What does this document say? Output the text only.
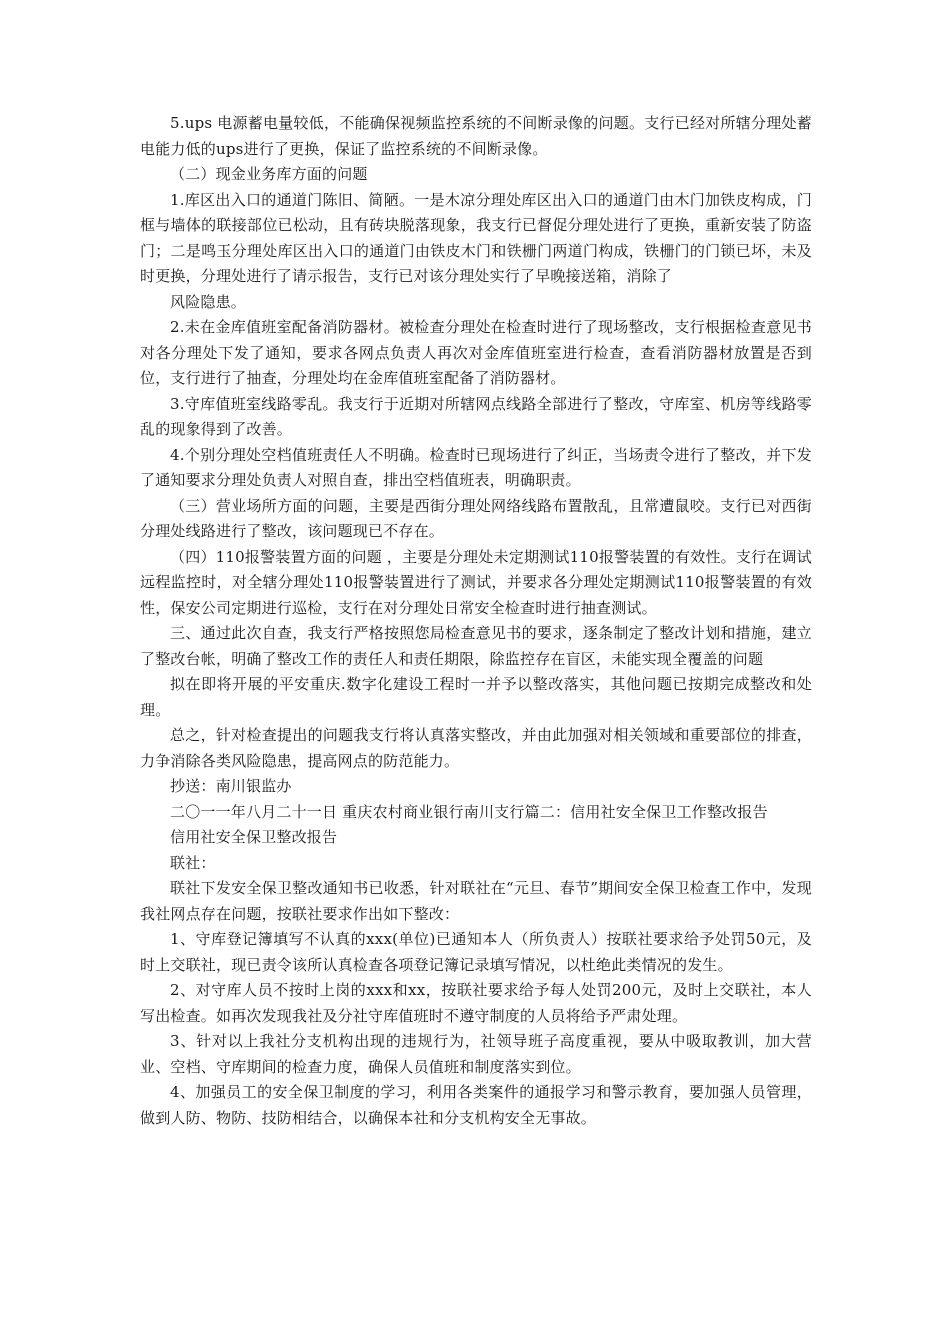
5.ups 电源蓄电量较低，不能确保视频监控系统的不间断录像的问题。支行已经对所辖分理处蓄电能力低的ups进行了更换，保证了监控系统的不间断录像。

（二）现金业务库方面的问题

1.库区出入口的通道门陈旧、简陋。一是木凉分理处库区出入口的通道门由木门加铁皮构成，门框与墙体的联接部位已松动，且有砖块脱落现象，我支行已督促分理处进行了更换，重新安装了防盗门；二是鸣玉分理处库区出入口的通道门由铁皮木门和铁栅门两道门构成，铁栅门的门锁已坏，未及时更换，分理处进行了请示报告，支行已对该分理处实行了早晚接送箱，消除了

风险隐患。

2.未在金库值班室配备消防器材。被检查分理处在检查时进行了现场整改，支行根据检查意见书对各分理处下发了通知，要求各网点负责人再次对金库值班室进行检查，查看消防器材放置是否到位，支行进行了抽查，分理处均在金库值班室配备了消防器材。

3.守库值班室线路零乱。我支行于近期对所辖网点线路全部进行了整改，守库室、机房等线路零乱的现象得到了改善。

4.个别分理处空档值班责任人不明确。检查时已现场进行了纠正，当场责令进行了整改，并下发了通知要求分理处负责人对照自查，排出空档值班表，明确职责。

（三）营业场所方面的问题，主要是西街分理处网络线路布置散乱，且常遭鼠咬。支行已对西街分理处线路进行了整改，该问题现已不存在。

（四）110报警装置方面的问题 ，主要是分理处未定期测试110报警装置的有效性。支行在调试远程监控时，对全辖分理处110报警装置进行了测试，并要求各分理处定期测试110报警装置的有效性，保安公司定期进行巡检，支行在对分理处日常安全检查时进行抽查测试。

三、通过此次自查，我支行严格按照您局检查意见书的要求，逐条制定了整改计划和措施，建立了整改台帐，明确了整改工作的责任人和责任期限，除监控存在盲区，未能实现全覆盖的问题

拟在即将开展的平安重庆.数字化建设工程时一并予以整改落实，其他问题已按期完成整改和处理。

总之，针对检查提出的问题我支行将认真落实整改，并由此加强对相关领域和重要部位的排查，力争消除各类风险隐患，提高网点的防范能力。

抄送：南川银监办

二〇一一年八月二十一日 重庆农村商业银行南川支行篇二：信用社安全保卫工作整改报告

信用社安全保卫整改报告

联社：

联社下发安全保卫整改通知书已收悉，针对联社在“元旦、春节”期间安全保卫检查工作中，发现我社网点存在问题，按联社要求作出如下整改：

1、守库登记簿填写不认真的xxx(单位)已通知本人（所负责人）按联社要求给予处罚50元，及时上交联社，现已责令该所认真检查各项登记簿记录填写情况，以杜绝此类情况的发生。

2、对守库人员不按时上岗的xxx和xx，按联社要求给予每人处罚200元，及时上交联社，本人写出检查。如再次发现我社及分社守库值班时不遵守制度的人员将给予严肃处理。

3、针对以上我社分支机构出现的违规行为，社领导班子高度重视，要从中吸取教训，加大营业、空档、守库期间的检查力度，确保人员值班和制度落实到位。

4、加强员工的安全保卫制度的学习，利用各类案件的通报学习和警示教育，要加强人员管理，做到人防、物防、技防相结合，以确保本社和分支机构安全无事故。
